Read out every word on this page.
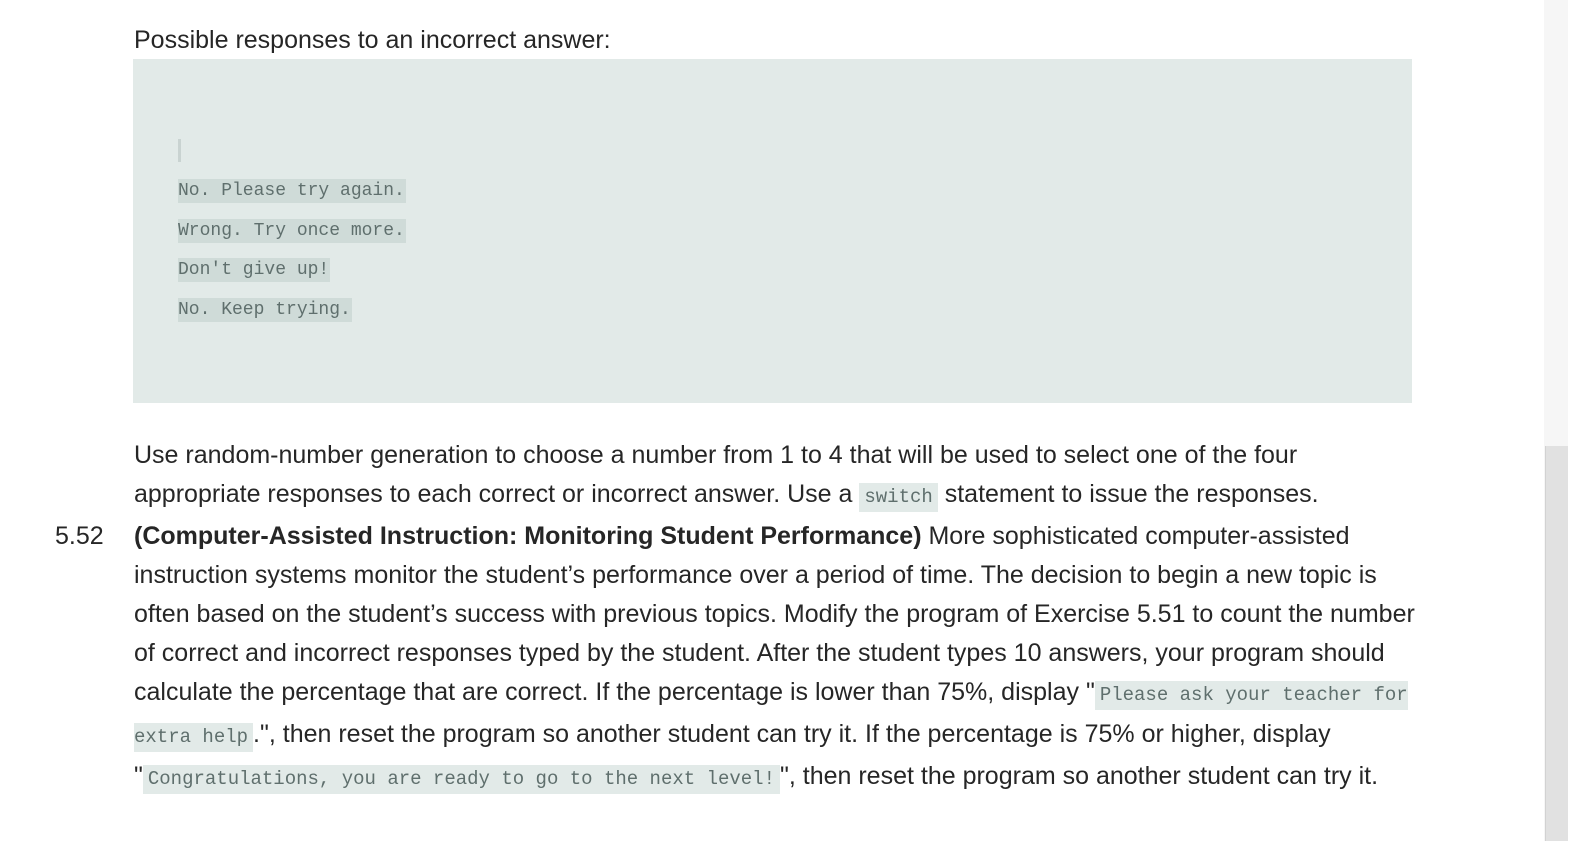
Possible responses to an incorrect answer:

No. Please try again.
Wrong. Try once more.
Don't give up!
No. Keep trying.

Use random-number generation to choose a number from 1 to 4 that will be used to select one of the four appropriate responses to each correct or incorrect answer. Use a switch statement to issue the responses.

5.52 (Computer-Assisted Instruction: Monitoring Student Performance) More sophisticated computer-assisted instruction systems monitor the student’s performance over a period of time. The decision to begin a new topic is often based on the student’s success with previous topics. Modify the program of Exercise 5.51 to count the number of correct and incorrect responses typed by the student. After the student types 10 answers, your program should calculate the percentage that are correct. If the percentage is lower than 75%, display " Please ask your teacher for extra help .", then reset the program so another student can try it. If the percentage is 75% or higher, display " Congratulations, you are ready to go to the next level! ", then reset the program so another student can try it.
